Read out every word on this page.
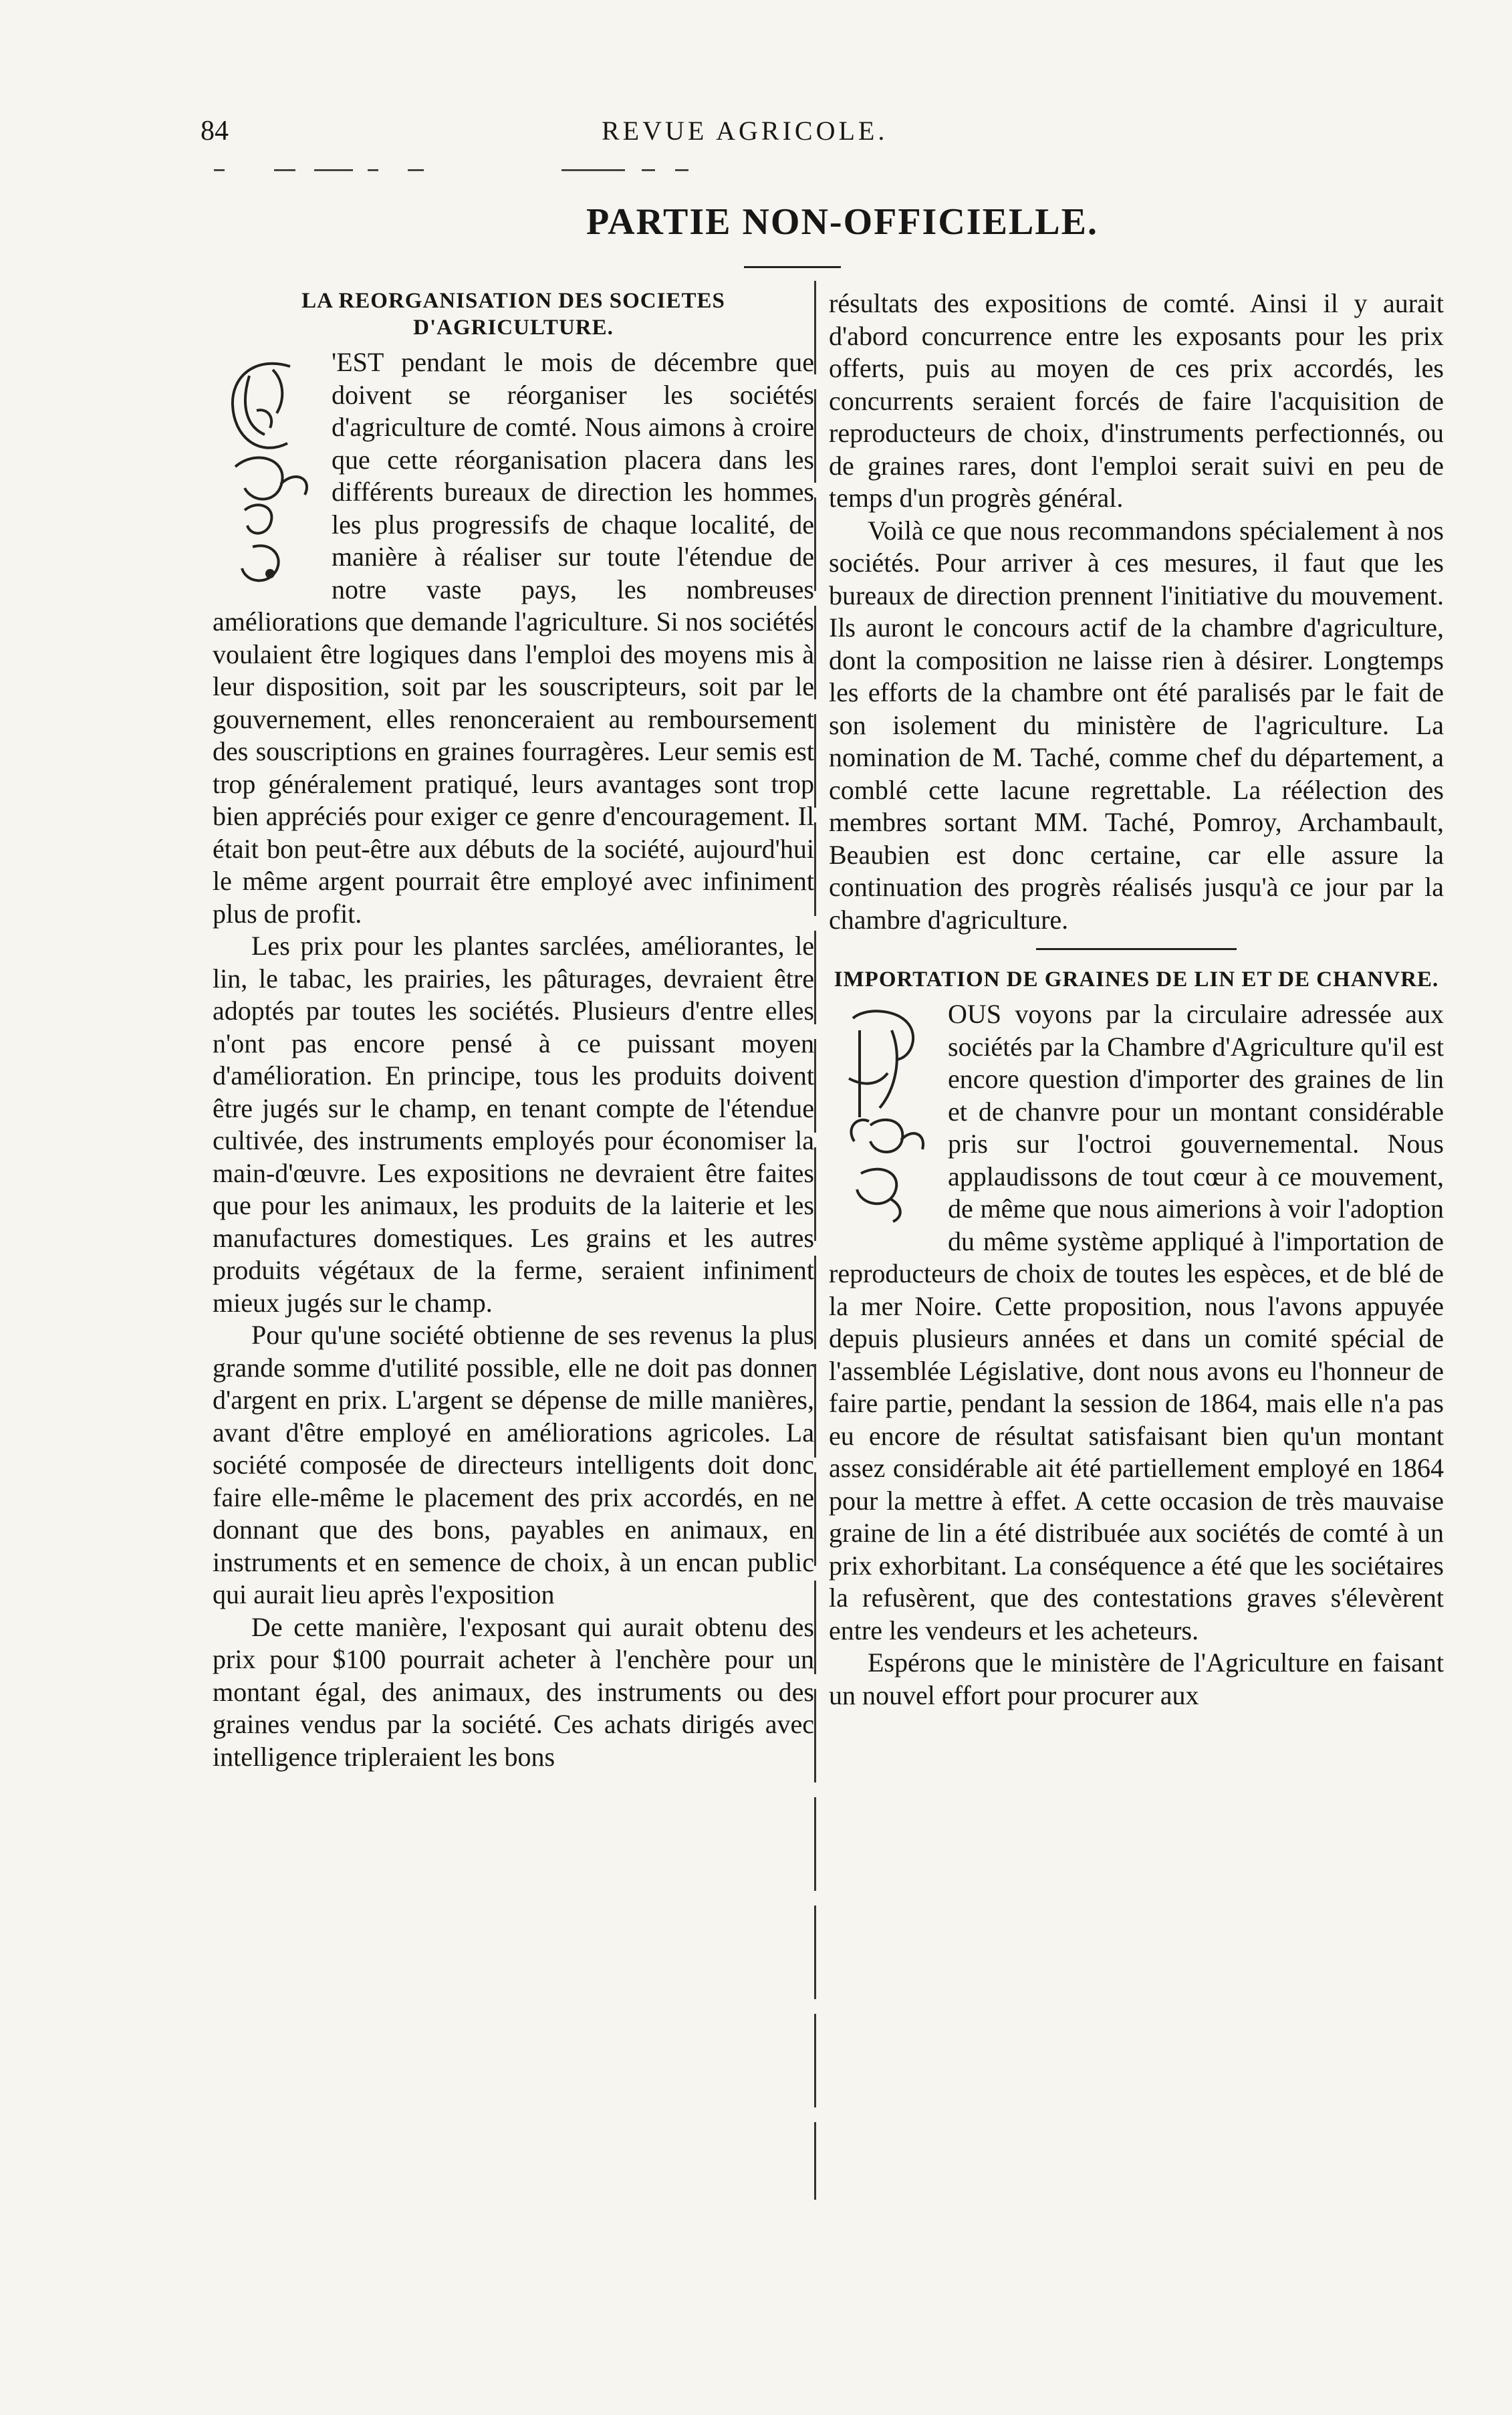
84	REVUE AGRICOLE.
PARTIE NON-OFFICIELLE.
LA REORGANISATION DES SOCIETES D'AGRICULTURE.

'EST pendant le mois de décembre que doivent se réorganiser les sociétés d'agriculture de comté. Nous aimons à croire que cette réorganisation placera dans les différents bureaux de direction les hommes les plus progressifs de chaque localité, de manière à réaliser sur toute l'étendue de notre vaste pays, les nombreuses améliorations que demande l'agriculture. Si nos sociétés voulaient être logiques dans l'emploi des moyens mis à leur disposition, soit par les souscripteurs, soit par le gouvernement, elles renonceraient au remboursement des souscriptions en graines fourragères. Leur semis est trop généralement pratiqué, leurs avantages sont trop bien appréciés pour exiger ce genre d'encouragement. Il était bon peut-être aux débuts de la société, aujourd'hui le même argent pourrait être employé avec infiniment plus de profit.

Les prix pour les plantes sarclées, améliorantes, le lin, le tabac, les prairies, les pâturages, devraient être adoptés par toutes les sociétés. Plusieurs d'entre elles n'ont pas encore pensé à ce puissant moyen d'amélioration. En principe, tous les produits doivent être jugés sur le champ, en tenant compte de l'étendue cultivée, des instruments employés pour économiser la main-d'œuvre. Les expositions ne devraient être faites que pour les animaux, les produits de la laiterie et les manufactures domestiques. Les grains et les autres produits végétaux de la ferme, seraient infiniment mieux jugés sur le champ.

Pour qu'une société obtienne de ses revenus la plus grande somme d'utilité possible, elle ne doit pas donner d'argent en prix. L'argent se dépense de mille manières, avant d'être employé en améliorations agricoles. La société composée de directeurs intelligents doit donc faire elle-même le placement des prix accordés, en ne donnant que des bons, payables en animaux, en instruments et en semence de choix, à un encan public qui aurait lieu après l'exposition

De cette manière, l'exposant qui aurait obtenu des prix pour $100 pourrait acheter à l'enchère pour un montant égal, des animaux, des instruments ou des graines vendus par la société. Ces achats dirigés avec intelligence tripleraient les bons

résultats des expositions de comté. Ainsi il y aurait d'abord concurrence entre les exposants pour les prix offerts, puis au moyen de ces prix accordés, les concurrents seraient forcés de faire l'acquisition de reproducteurs de choix, d'instruments perfectionnés, ou de graines rares, dont l'emploi serait suivi en peu de temps d'un progrès général.

Voilà ce que nous recommandons spécialement à nos sociétés. Pour arriver à ces mesures, il faut que les bureaux de direction prennent l'initiative du mouvement. Ils auront le concours actif de la chambre d'agriculture, dont la composition ne laisse rien à désirer. Longtemps les efforts de la chambre ont été paralisés par le fait de son isolement du ministère de l'agriculture. La nomination de M. Taché, comme chef du département, a comblé cette lacune regrettable. La réélection des membres sortant MM. Taché, Pomroy, Archambault, Beaubien est donc certaine, car elle assure la continuation des progrès réalisés jusqu'à ce jour par la chambre d'agriculture.

IMPORTATION DE GRAINES DE LIN ET DE CHANVRE.

OUS voyons par la circulaire adressée aux sociétés par la Chambre d'Agriculture qu'il est encore question d'importer des graines de lin et de chanvre pour un montant considérable pris sur l'octroi gouvernemental. Nous applaudissons de tout cœur à ce mouvement, de même que nous aimerions à voir l'adoption du même système appliqué à l'importation de reproducteurs de choix de toutes les espèces, et de blé de la mer Noire. Cette proposition, nous l'avons appuyée depuis plusieurs années et dans un comité spécial de l'assemblée Législative, dont nous avons eu l'honneur de faire partie, pendant la session de 1864, mais elle n'a pas eu encore de résultat satisfaisant bien qu'un montant assez considérable ait été partiellement employé en 1864 pour la mettre à effet. A cette occasion de très mauvaise graine de lin a été distribuée aux sociétés de comté à un prix exhorbitant. La conséquence a été que les sociétaires la refusèrent, que des contestations graves s'élevèrent entre les vendeurs et les acheteurs.

Espérons que le ministère de l'Agriculture en faisant un nouvel effort pour procurer aux
